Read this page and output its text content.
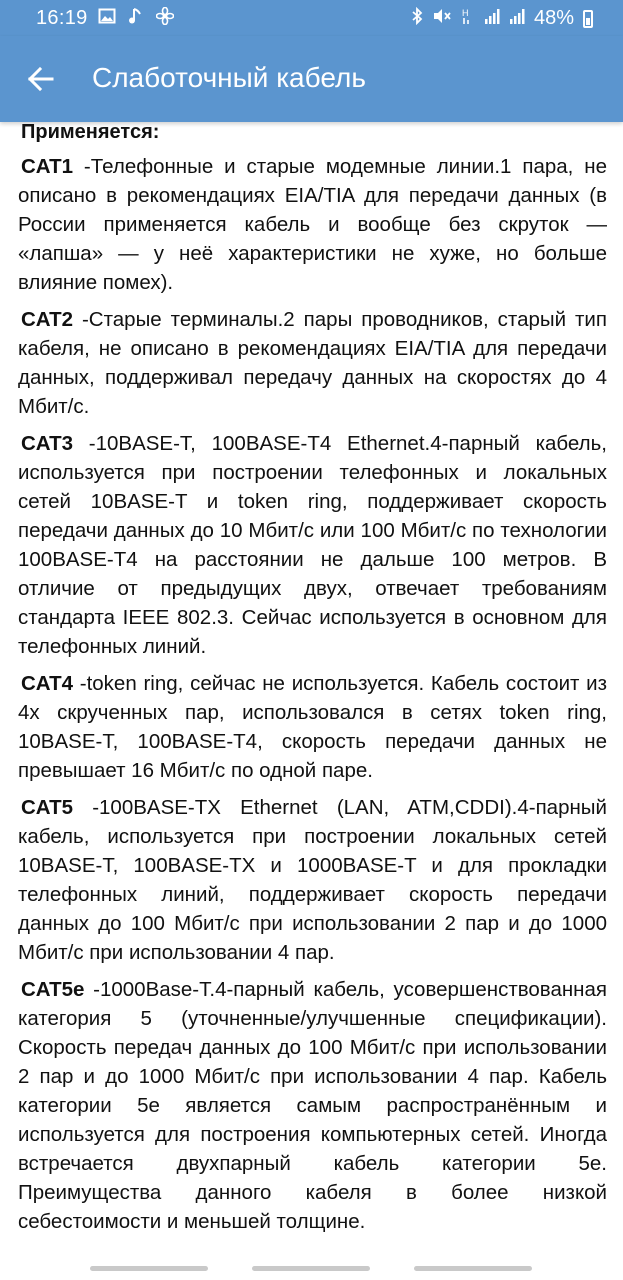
16:19	H	48%
Слаботочный кабель
Применяется:

CAT1 -Телефонные и старые модемные линии.1 пара, не описано в рекомендациях EIA/TIA для передачи данных (в России применяется кабель и вообще без скруток — «лапша» — у неё характеристики не хуже, но больше влияние помех).

CAT2 -Старые терминалы.2 пары проводников, старый тип кабеля, не описано в рекомендациях EIA/TIA для передачи данных, поддерживал передачу данных на скоростях до 4 Мбит/с.

CAT3 -10BASE-T, 100BASE-T4 Ethernet.4-парный кабель, используется при построении телефонных и локальных сетей 10BASE-T и token ring, поддерживает скорость передачи данных до 10 Мбит/с или 100 Мбит/с по технологии 100BASE-T4 на расстоянии не дальше 100 метров. В отличие от предыдущих двух, отвечает требованиям стандарта IEEE 802.3. Сейчас используется в основном для телефонных линий.

CAT4 -token ring, сейчас не используется. Кабель состоит из 4х скрученных пар, использовался в сетях token ring, 10BASE-T, 100BASE-T4, скорость передачи данных не превышает 16 Мбит/с по одной паре.

CAT5 -100BASE-TX Ethernet (LAN, ATM,CDDI).4-парный кабель, используется при построении локальных сетей 10BASE-T, 100BASE-TX и 1000BASE-T и для прокладки телефонных линий, поддерживает скорость передачи данных до 100 Мбит/с при использовании 2 пар и до 1000 Мбит/с при использовании 4 пар.

CAT5e -1000Base-T.4-парный кабель, усовершенствованная категория 5 (уточненные/улучшенные спецификации). Скорость передач данных до 100 Мбит/с при использовании 2 пар и до 1000 Мбит/с при использовании 4 пар. Кабель категории 5e является самым распространённым и используется для построения компьютерных сетей. Иногда встречается двухпарный кабель категории 5e. Преимущества данного кабеля в более низкой себестоимости и меньшей толщине.
